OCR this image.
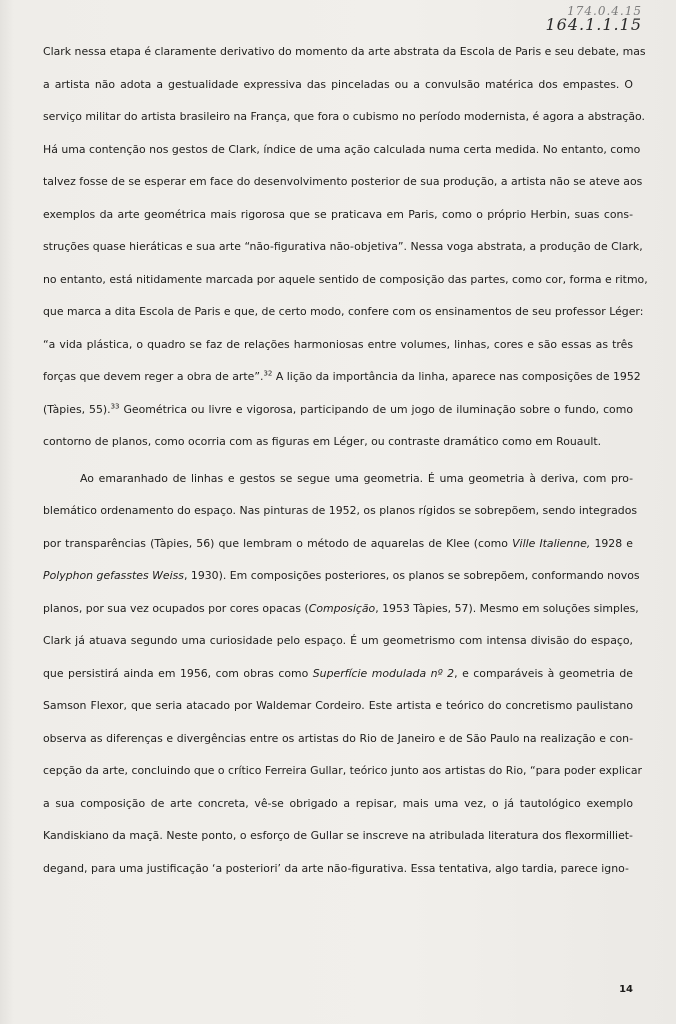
174.0.4.15
164.1.1.15
Clark nessa etapa é claramente derivativo do momento da arte abstrata da Escola de Paris e seu debate, mas
a artista não adota a gestualidade expressiva das pinceladas ou a convulsão matérica dos empastes. O
serviço militar do artista brasileiro na França, que fora o cubismo no período modernista, é agora a abstração.
Há uma contenção nos gestos de Clark, índice de uma ação calculada numa certa medida. No entanto, como
talvez fosse de se esperar em face do desenvolvimento posterior de sua produção, a artista não se ateve aos
exemplos da arte geométrica mais rigorosa que se praticava em Paris, como o próprio Herbin, suas cons-
struções quase hieráticas e sua arte “não-figurativa não-objetiva”. Nessa voga abstrata, a produção de Clark,
no entanto, está nitidamente marcada por aquele sentido de composição das partes, como cor, forma e ritmo,
que marca a dita Escola de Paris e que, de certo modo, confere com os ensinamentos de seu professor Léger:
“a vida plástica, o quadro se faz de relações harmoniosas entre volumes, linhas, cores e são essas as três
forças que devem reger a obra de arte”.$^{32}$ A lição da importância da linha, aparece nas composições de 1952
(Tàpies, 55).$^{33}$ Geométrica ou livre e vigorosa, participando de um jogo de iluminação sobre o fundo, como
contorno de planos, como ocorria com as figuras em Léger, ou contraste dramático como em Rouault.
Ao emaranhado de linhas e gestos se segue uma geometria. É uma geometria à deriva, com pro-
blemático ordenamento do espaço. Nas pinturas de 1952, os planos rígidos se sobrepõem, sendo integrados
por transparências (Tàpies, 56) que lembram o método de aquarelas de Klee (como Ville Italienne, 1928 e
Polyphon gefasstes Weiss, 1930). Em composições posteriores, os planos se sobrepõem, conformando novos
planos, por sua vez ocupados por cores opacas (Composição, 1953 Tàpies, 57). Mesmo em soluções simples,
Clark já atuava segundo uma curiosidade pelo espaço. É um geometrismo com intensa divisão do espaço,
que persistirá ainda em 1956, com obras como Superfície modulada nº 2, e comparáveis à geometria de
Samson Flexor, que seria atacado por Waldemar Cordeiro. Este artista e teórico do concretismo paulistano
observa as diferenças e divergências entre os artistas do Rio de Janeiro e de São Paulo na realização e con-
cepção da arte, concluindo que o crítico Ferreira Gullar, teórico junto aos artistas do Rio, “para poder explicar
a sua composição de arte concreta, vê-se obrigado a repisar, mais uma vez, o já tautológico exemplo
Kandiskiano da maçã. Neste ponto, o esforço de Gullar se inscreve na atribulada literatura dos flexormilliet-
degand, para uma justificação ‘a posteriori’ da arte não-figurativa. Essa tentativa, algo tardia, parece igno-
14
